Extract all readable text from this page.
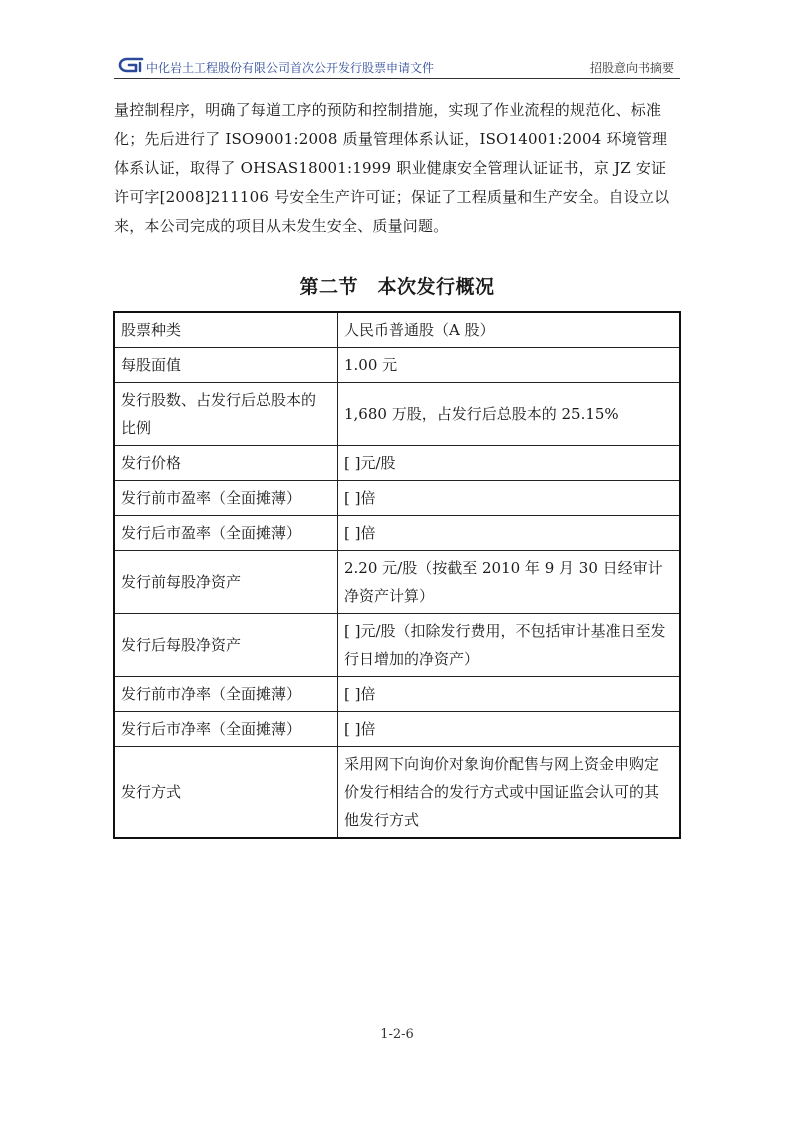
中化岩土工程股份有限公司首次公开发行股票申请文件	招股意向书摘要

量控制程序，明确了每道工序的预防和控制措施，实现了作业流程的规范化、标准化；先后进行了 ISO9001:2008 质量管理体系认证，ISO14001:2004 环境管理体系认证，取得了 OHSAS18001:1999 职业健康安全管理认证证书，京 JZ 安证许可字[2008]211106 号安全生产许可证；保证了工程质量和生产安全。自设立以来，本公司完成的项目从未发生安全、质量问题。

第二节　本次发行概况
股票种类	人民币普通股（A 股）
每股面值	1.00 元
发行股数、占发行后总股本的比例	1,680 万股，占发行后总股本的 25.15%
发行价格	[ ]元/股
发行前市盈率（全面摊薄）	[ ]倍
发行后市盈率（全面摊薄）	[ ]倍
发行前每股净资产	2.20 元/股（按截至 2010 年 9 月 30 日经审计净资产计算）
发行后每股净资产	[ ]元/股（扣除发行费用，不包括审计基准日至发行日增加的净资产）
发行前市净率（全面摊薄）	[ ]倍
发行后市净率（全面摊薄）	[ ]倍
发行方式	采用网下向询价对象询价配售与网上资金申购定价发行相结合的发行方式或中国证监会认可的其他发行方式
1-2-6
